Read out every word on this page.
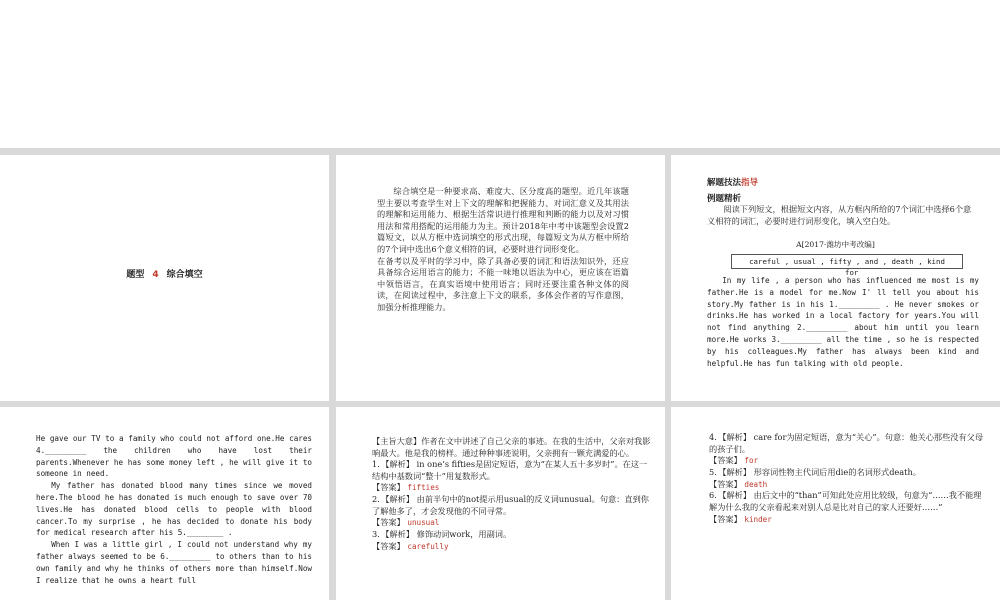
题型 4 综合填空

综合填空是一种要求高、难度大、区分度高的题型。近几年该题型主要以考查学生对上下文的理解和把握能力、对词汇意义及其用法的理解和运用能力、根据生活常识进行推理和判断的能力以及对习惯用法和常用搭配的运用能力为主。预计2018年中考中该题型会设置2篇短文，以从方框中选词填空的形式出现，每篇短文为从方框中所给的7个词中选出6个意义相符的词，必要时进行词形变化。

在备考以及平时的学习中，除了具备必要的词汇和语法知识外，还应具备综合运用语言的能力；不能一味地以语法为中心，更应该在语篇中领悟语言，在真实语境中使用语言；同时还要注重各种文体的阅读，在阅读过程中，多注意上下文的联系，多体会作者的写作意图，加强分析推理能力。

解题技法指导
例题精析
阅读下列短文，根据短文内容，从方框内所给的7个词汇中选择6个意义相符的词汇，必要时进行词形变化，填入空白处。
A[2017·潍坊中考改编]
careful , usual , fifty , and , death , kind
for
In my life , a person who has influenced me most is my father.He is a model for me.Now I' ll tell you about his story.My father is in his 1._________ . He never smokes or drinks.He has worked in a local factory for years.You will not find anything 2._________ about him until you learn more.He works 3._________ all the time , so he is respected by his colleagues.My father has always been kind and helpful.He has fun talking with old people.

He gave our TV to a family who could not afford one.He cares 4._________ the children who have lost their parents.Whenever he has some money left , he will give it to someone in need.

My father has donated blood many times since we moved here.The blood he has donated is much enough to save over 70 lives.He has donated blood cells to people with blood cancer.To my surprise , he has decided to donate his body for medical research after his 5.________ .

When I was a little girl , I could not understand why my father always seemed to be 6._________ to others than to his own family and why he thinks of others more than himself.Now I realize that he owns a heart full

【主旨大意】作者在文中讲述了自己父亲的事迹。在我的生活中，父亲对我影响最大。他是我的榜样。通过种种事迹说明，父亲拥有一颗充满爱的心。

1．【解析】 in one’s fifties是固定短语，意为“在某人五十多岁时”。在这一结构中基数词“整十”用复数形式。

【答案】 fifties

2．【解析】 由前半句中的not提示用usual的反义词unusual。句意：直到你了解他多了，才会发现他的不同寻常。

【答案】 unusual

3．【解析】 修饰动词work，用副词。

【答案】 carefully

4．【解析】 care for为固定短语，意为“关心”。句意：他关心那些没有父母的孩子们。

【答案】 for

5．【解析】 形容词性物主代词后用die的名词形式death。

【答案】 death

6．【解析】 由后文中的“than”可知此处应用比较级，句意为“……我不能理解为什么我的父亲看起来对别人总是比对自己的家人还要好……”

【答案】 kinder
